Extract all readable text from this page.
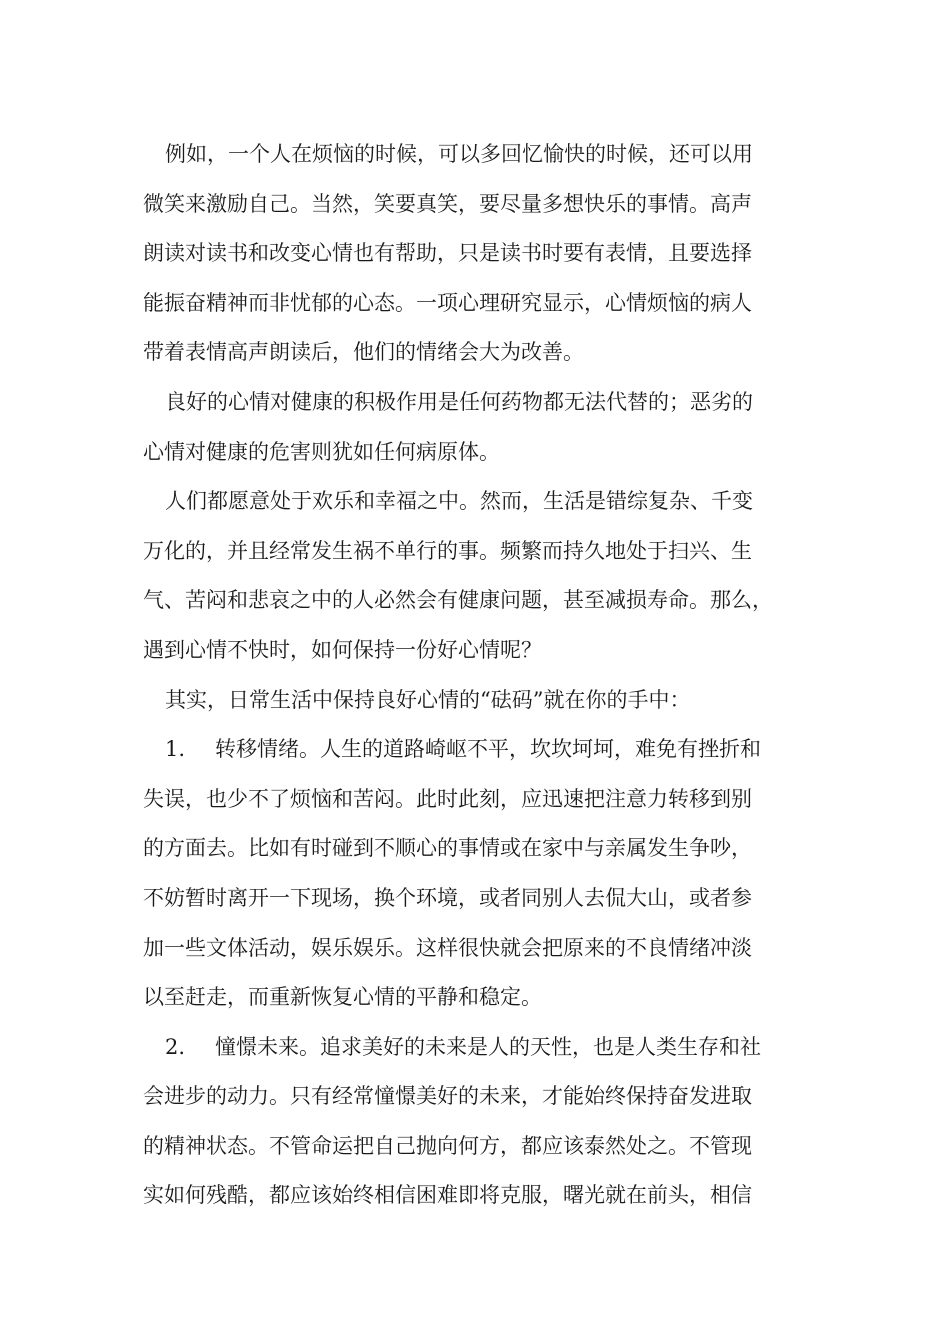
例如，一个人在烦恼的时候，可以多回忆愉快的时候，还可以用
微笑来激励自己。当然，笑要真笑，要尽量多想快乐的事情。高声
朗读对读书和改变心情也有帮助，只是读书时要有表情，且要选择
能振奋精神而非忧郁的心态。一项心理研究显示，心情烦恼的病人
带着表情高声朗读后，他们的情绪会大为改善。
良好的心情对健康的积极作用是任何药物都无法代替的；恶劣的
心情对健康的危害则犹如任何病原体。
人们都愿意处于欢乐和幸福之中。然而，生活是错综复杂、千变
万化的，并且经常发生祸不单行的事。频繁而持久地处于扫兴、生
气、苦闷和悲哀之中的人必然会有健康问题，甚至减损寿命。那么，
遇到心情不快时，如何保持一份好心情呢？
其实，日常生活中保持良好心情的“砝码”就在你的手中：
1. 转移情绪。人生的道路崎岖不平，坎坎坷坷，难免有挫折和
失误，也少不了烦恼和苦闷。此时此刻，应迅速把注意力转移到别
的方面去。比如有时碰到不顺心的事情或在家中与亲属发生争吵，
不妨暂时离开一下现场，换个环境，或者同别人去侃大山，或者参
加一些文体活动，娱乐娱乐。这样很快就会把原来的不良情绪冲淡
以至赶走，而重新恢复心情的平静和稳定。
2. 憧憬未来。追求美好的未来是人的天性，也是人类生存和社
会进步的动力。只有经常憧憬美好的未来，才能始终保持奋发进取
的精神状态。不管命运把自己抛向何方，都应该泰然处之。不管现
实如何残酷，都应该始终相信困难即将克服，曙光就在前头，相信
